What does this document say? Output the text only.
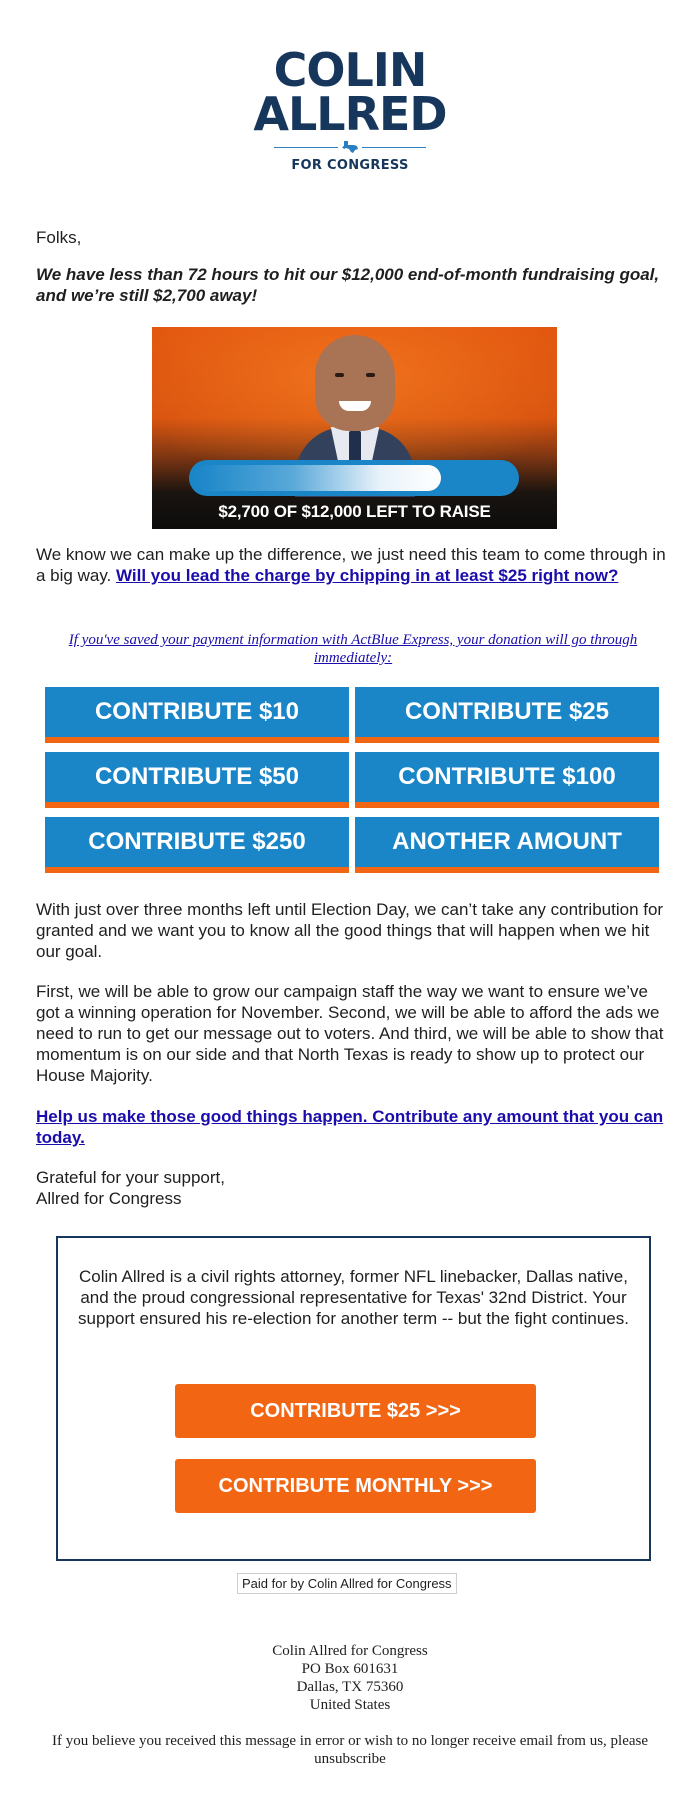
COLIN
ALLRED
FOR CONGRESS
Folks,
We have less than 72 hours to hit our $12,000 end-of-month fundraising goal, and we’re still $2,700 away!
$2,700 OF $12,000 LEFT TO RAISE
We know we can make up the difference, we just need this team to come through in a big way. Will you lead the charge by chipping in at least $25 right now?
If you've saved your payment information with ActBlue Express, your donation will go through immediately:
CONTRIBUTE $10	CONTRIBUTE $25
CONTRIBUTE $50	CONTRIBUTE $100
CONTRIBUTE $250	ANOTHER AMOUNT
With just over three months left until Election Day, we can’t take any contribution for granted and we want you to know all the good things that will happen when we hit our goal.
First, we will be able to grow our campaign staff the way we want to ensure we’ve got a winning operation for November. Second, we will be able to afford the ads we need to run to get our message out to voters. And third, we will be able to show that momentum is on our side and that North Texas is ready to show up to protect our House Majority.
Help us make those good things happen. Contribute any amount that you can today.
Grateful for your support,
Allred for Congress
Colin Allred is a civil rights attorney, former NFL linebacker, Dallas native, and the proud congressional representative for Texas' 32nd District. Your support ensured his re-election for another term -- but the fight continues.
CONTRIBUTE $25 >>>
CONTRIBUTE MONTHLY >>>
Paid for by Colin Allred for Congress
Colin Allred for Congress
PO Box 601631
Dallas, TX 75360
United States
If you believe you received this message in error or wish to no longer receive email from us, please unsubscribe
